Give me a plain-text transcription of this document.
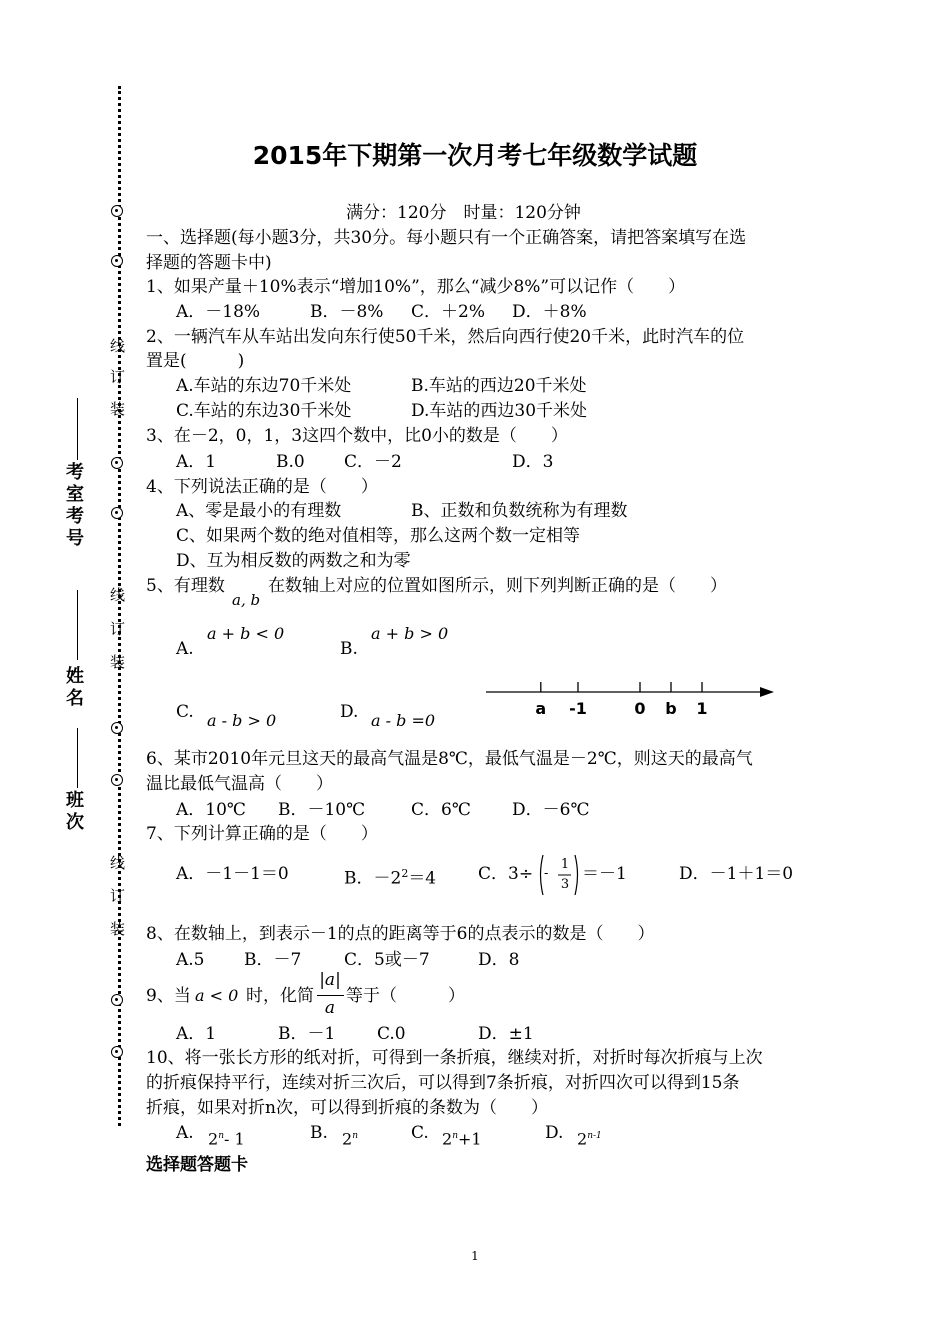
线
订
装
线
订
装
线
订
装
考室考号
姓名
班次
2015年下期第一次月考七年级数学试题
满分：120分　时量：120分钟
一、选择题(每小题3分，共30分。每小题只有一个正确答案，请把答案填写在选
择题的答题卡中)
1、如果产量＋10%表示“增加10%”，那么“减少8%”可以记作（　　）
A．－18%	B．－8% C．＋2% D．＋8%
2、一辆汽车从车站出发向东行使50千米，然后向西行使20千米，此时汽车的位
置是(　　　)
A.车站的东边70千米处	B.车站的西边20千米处
C.车站的东边30千米处	D.车站的西边30千米处
3、在－2，0，1，3这四个数中，比0小的数是（　　）
A．1	B.0 C．－2	D．3
4、下列说法正确的是（　　）
A、零是最小的有理数	B、正数和负数统称为有理数
C、如果两个数的绝对值相等，那么这两个数一定相等
D、互为相反数的两数之和为零
5、有理数
a, b
在数轴上对应的位置如图所示，则下列判断正确的是（　　）
A.
a + b < 0
B.
a + b > 0
C. a - b > 0	D. a - b =0
a -1	0 b 1
6、某市2010年元旦这天的最高气温是8℃，最低气温是－2℃，则这天的最高气
温比最低气温高（　　）
A．10℃ B．－10℃	C．6℃ D．－6℃
7、下列计算正确的是（　　）
A．－1－1＝0	B．$-2^2=4$ C．3÷ -
1
3
＝－1	D．－1＋1＝0
8、在数轴上，到表示－1的点的距离等于6的点表示的数是（　　）
A.5 B．－7	C．5或－7	D．8
9、当 a < 0 时，化简
|a|
a
等于（　　　）
A．1	B．－1 C.0	D．±1
10、将一张长方形的纸对折，可得到一条折痕，继续对折，对折时每次折痕与上次
的折痕保持平行，连续对折三次后，可以得到7条折痕，对折四次可以得到15条
折痕，如果对折n次，可以得到折痕的条数为（　　）
A. 2$^n$- 1	B. 2$^n$	C. $2^n+1$	D. 2$^{n-1}$
选择题答题卡
1
